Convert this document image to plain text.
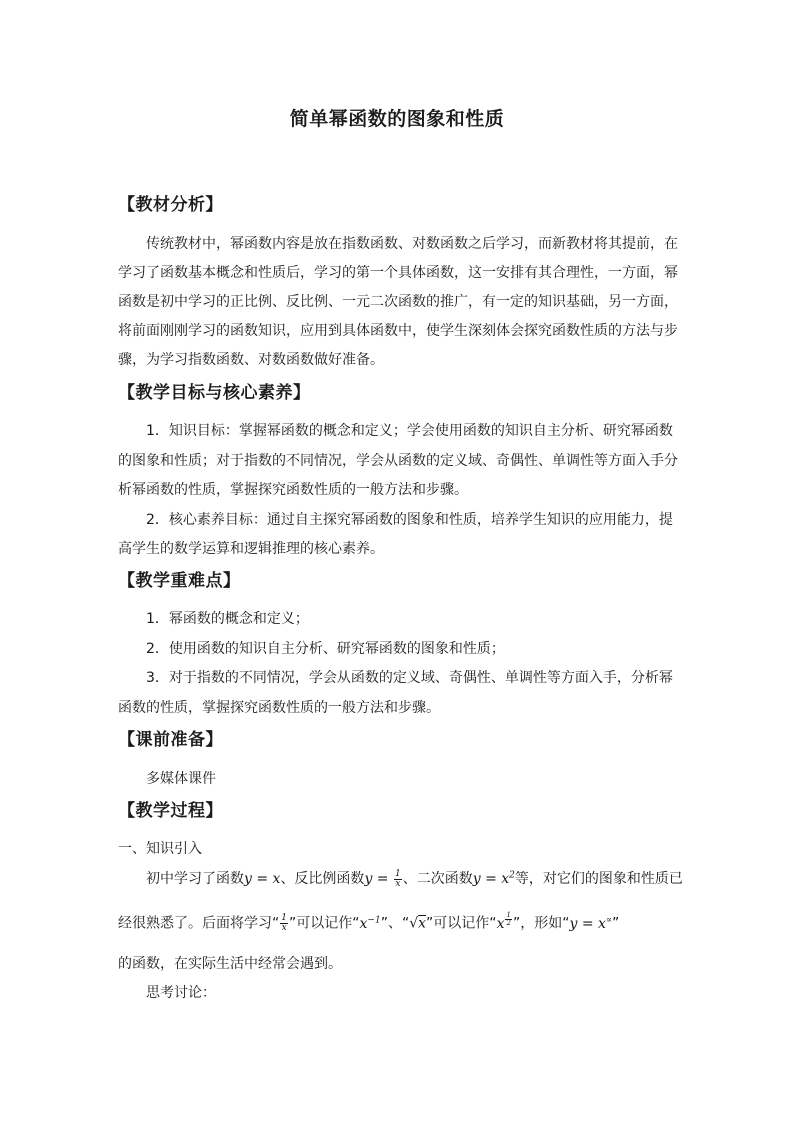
简单幂函数的图象和性质
【教材分析】
传统教材中，幂函数内容是放在指数函数、对数函数之后学习，而新教材将其提前，在
学习了函数基本概念和性质后，学习的第一个具体函数，这一安排有其合理性，一方面，幂
函数是初中学习的正比例、反比例、一元二次函数的推广，有一定的知识基础，另一方面，
将前面刚刚学习的函数知识，应用到具体函数中，使学生深刻体会探究函数性质的方法与步
骤，为学习指数函数、对数函数做好准备。
【教学目标与核心素养】
1．知识目标：掌握幂函数的概念和定义；学会使用函数的知识自主分析、研究幂函数
的图象和性质；对于指数的不同情况，学会从函数的定义域、奇偶性、单调性等方面入手分
析幂函数的性质，掌握探究函数性质的一般方法和步骤。
2．核心素养目标：通过自主探究幂函数的图象和性质，培养学生知识的应用能力，提
高学生的数学运算和逻辑推理的核心素养。
【教学重难点】
1．幂函数的概念和定义；
2．使用函数的知识自主分析、研究幂函数的图象和性质；
3．对于指数的不同情况，学会从函数的定义域、奇偶性、单调性等方面入手，分析幂
函数的性质，掌握探究函数性质的一般方法和步骤。
【课前准备】
多媒体课件
【教学过程】
一、知识引入
初中学习了函数y = x、反比例函数$y = \frac{1}{x}$ 、二次函数$y = x^2$等，对它们的图象和性质已
经很熟悉了。后面将学习“ $\frac{1}{x}$ ”可以记作“$x^{-1}$”、“√x”可以记作“x $^{\frac{1}{2}}$ ”，形如“y = x∝”
的函数，在实际生活中经常会遇到。
思考讨论：
